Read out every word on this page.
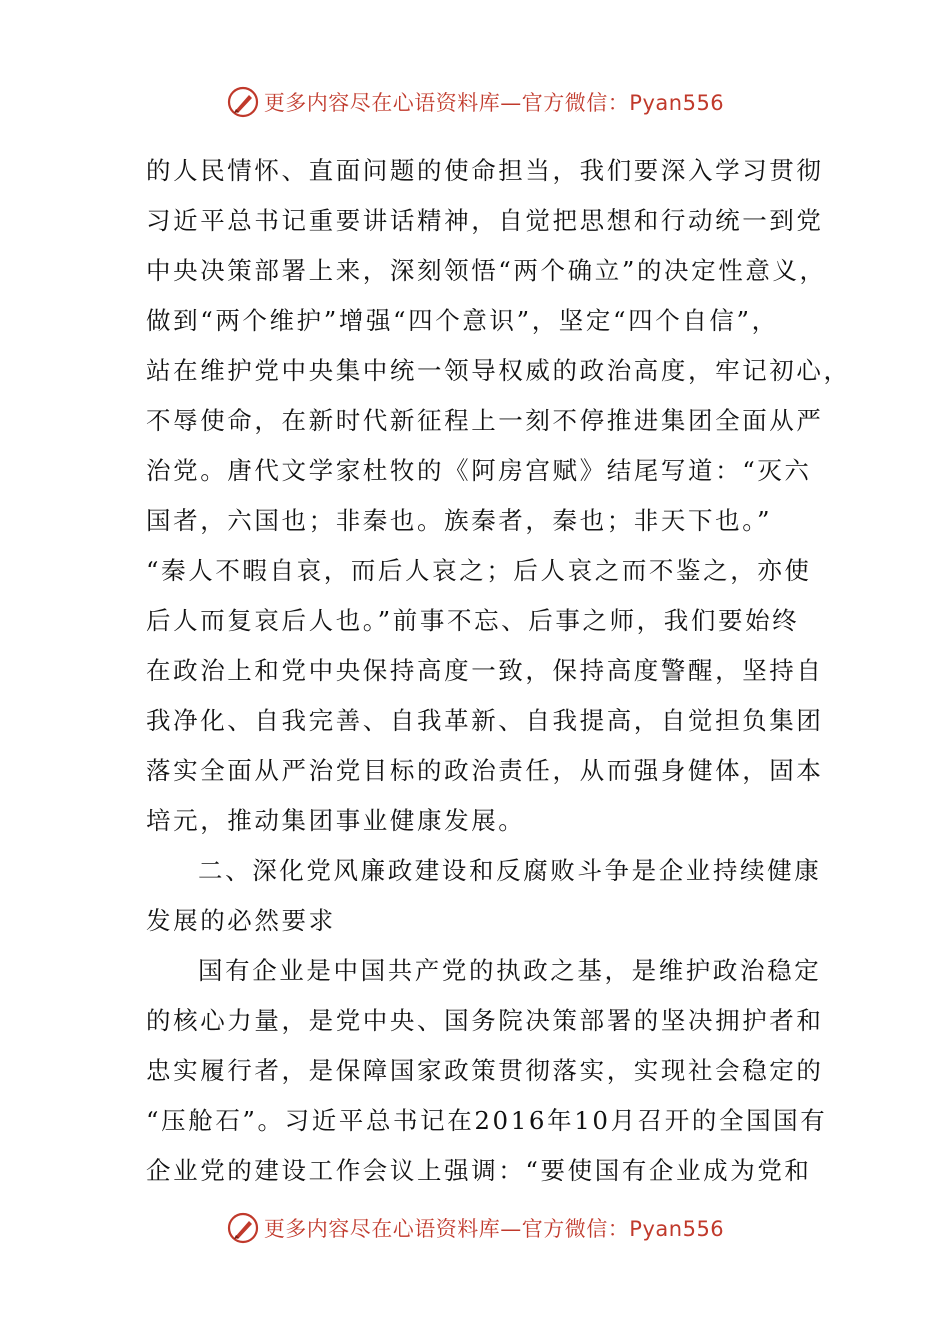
更多内容尽在心语资料库—官方微信：Pyan556
的人民情怀、直面问题的使命担当，我们要深入学习贯彻
习近平总书记重要讲话精神，自觉把思想和行动统一到党
中央决策部署上来，深刻领悟“两个确立”的决定性意义，
做到“两个维护”增强“四个意识”，坚定“四个自信”，
站在维护党中央集中统一领导权威的政治高度，牢记初心，
不辱使命，在新时代新征程上一刻不停推进集团全面从严
治党。唐代文学家杜牧的《阿房宫赋》结尾写道：“灭六
国者，六国也；非秦也。族秦者，秦也；非天下也。”
“秦人不暇自哀，而后人哀之；后人哀之而不鉴之，亦使
后人而复哀后人也。”前事不忘、后事之师，我们要始终
在政治上和党中央保持高度一致，保持高度警醒，坚持自
我净化、自我完善、自我革新、自我提高，自觉担负集团
落实全面从严治党目标的政治责任，从而强身健体，固本
培元，推动集团事业健康发展。
二、深化党风廉政建设和反腐败斗争是企业持续健康
发展的必然要求
国有企业是中国共产党的执政之基，是维护政治稳定
的核心力量，是党中央、国务院决策部署的坚决拥护者和
忠实履行者，是保障国家政策贯彻落实，实现社会稳定的
“压舱石”。习近平总书记在2016年10月召开的全国国有
企业党的建设工作会议上强调：“要使国有企业成为党和
更多内容尽在心语资料库—官方微信：Pyan556
